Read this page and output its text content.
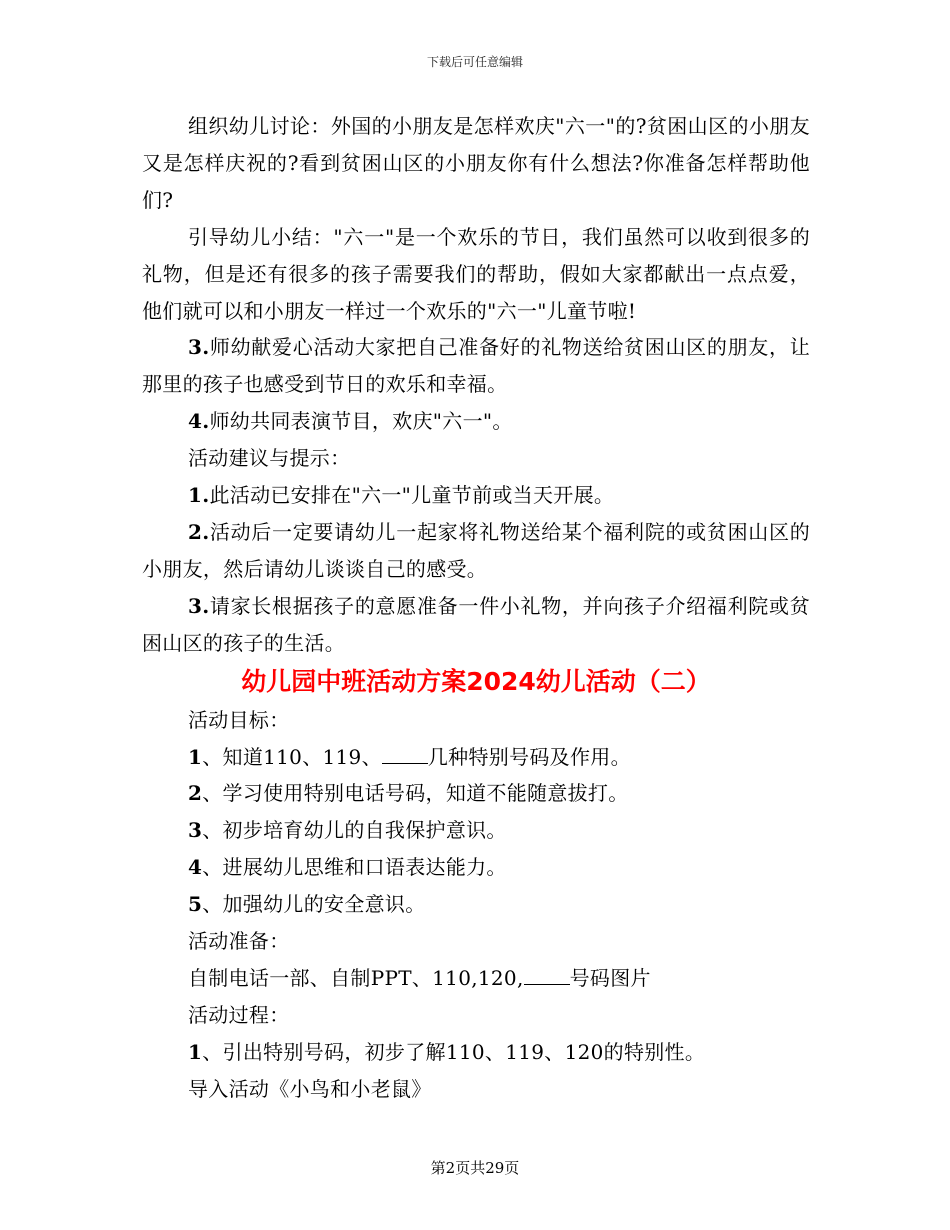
下载后可任意编辑

组织幼儿讨论：外国的小朋友是怎样欢庆"六一"的?贫困山区的小朋友又是怎样庆祝的?看到贫困山区的小朋友你有什么想法?你准备怎样帮助他们?

引导幼儿小结："六一"是一个欢乐的节日，我们虽然可以收到很多的礼物，但是还有很多的孩子需要我们的帮助，假如大家都献出一点点爱，他们就可以和小朋友一样过一个欢乐的"六一"儿童节啦!

3.师幼献爱心活动大家把自己准备好的礼物送给贫困山区的朋友，让那里的孩子也感受到节日的欢乐和幸福。

4.师幼共同表演节目，欢庆"六一"。

活动建议与提示：

1.此活动已安排在"六一"儿童节前或当天开展。

2.活动后一定要请幼儿一起家将礼物送给某个福利院的或贫困山区的小朋友，然后请幼儿谈谈自己的感受。

3.请家长根据孩子的意愿准备一件小礼物，并向孩子介绍福利院或贫困山区的孩子的生活。

幼儿园中班活动方案2024幼儿活动（二）

活动目标：

1、知道110、119、 几种特别号码及作用。

2、学习使用特别电话号码，知道不能随意拔打。

3、初步培育幼儿的自我保护意识。

4、进展幼儿思维和口语表达能力。

5、加强幼儿的安全意识。

活动准备：

自制电话一部、自制PPT、110,120, 号码图片

活动过程：

1、引出特别号码，初步了解110、119、120的特别性。

导入活动《小鸟和小老鼠》

第2页共29页
